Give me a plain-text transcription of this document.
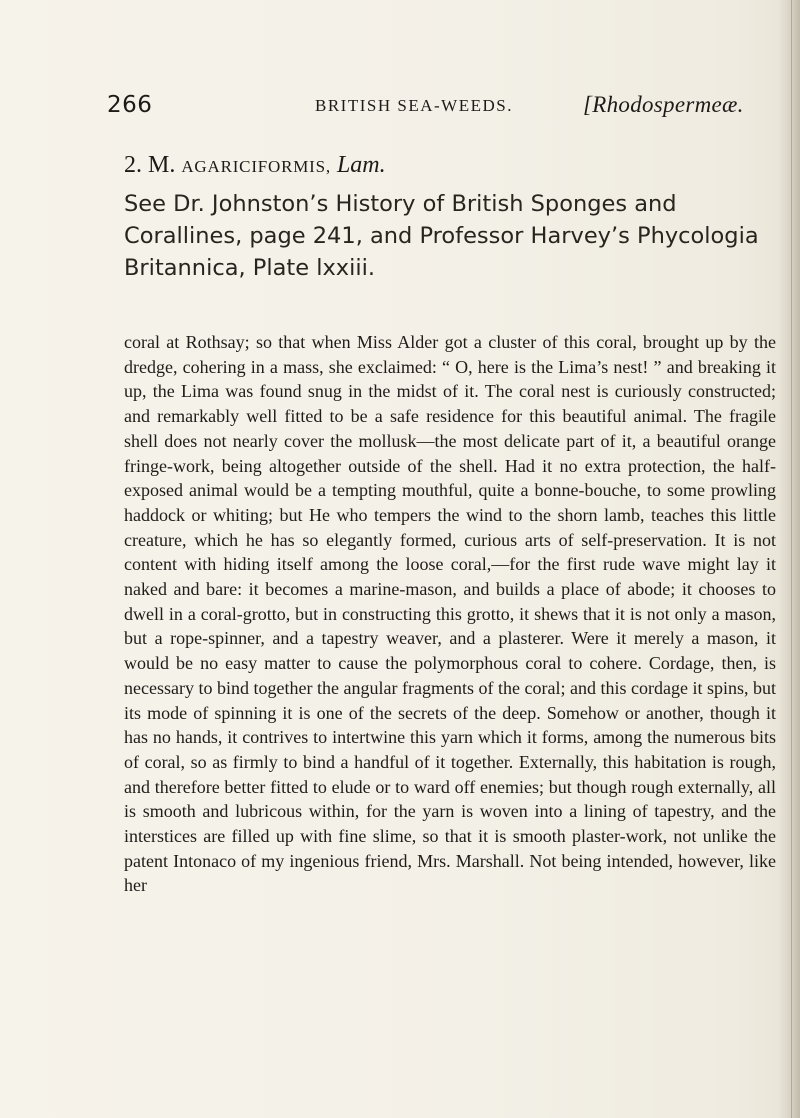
266	BRITISH SEA-WEEDS.	[Rhodospermeæ.
2. M. AGARICIFORMIS, Lam.

See Dr. Johnston’s History of British Sponges and Corallines, page 241, and Professor Harvey’s Phycologia Britannica, Plate lxxiii.

coral at Rothsay; so that when Miss Alder got a cluster of this coral, brought up by the dredge, cohering in a mass, she exclaimed: “ O, here is the Lima’s nest! ” and breaking it up, the Lima was found snug in the midst of it. The coral nest is curiously constructed; and remarkably well fitted to be a safe residence for this beautiful animal. The fragile shell does not nearly cover the mollusk—the most delicate part of it, a beautiful orange fringe-work, being altogether outside of the shell. Had it no extra protection, the half-exposed animal would be a tempting mouthful, quite a bonne-bouche, to some prowling haddock or whiting; but He who tempers the wind to the shorn lamb, teaches this little creature, which he has so elegantly formed, curious arts of self-preservation. It is not content with hiding itself among the loose coral,—for the first rude wave might lay it naked and bare: it becomes a marine-mason, and builds a place of abode; it chooses to dwell in a coral-grotto, but in constructing this grotto, it shews that it is not only a mason, but a rope-spinner, and a tapestry weaver, and a plasterer. Were it merely a mason, it would be no easy matter to cause the polymorphous coral to cohere. Cordage, then, is necessary to bind together the angular fragments of the coral; and this cordage it spins, but its mode of spinning it is one of the secrets of the deep. Somehow or another, though it has no hands, it contrives to intertwine this yarn which it forms, among the numerous bits of coral, so as firmly to bind a handful of it together. Externally, this habitation is rough, and therefore better fitted to elude or to ward off enemies; but though rough externally, all is smooth and lubricous within, for the yarn is woven into a lining of tapestry, and the interstices are filled up with fine slime, so that it is smooth plaster-work, not unlike the patent Intonaco of my ingenious friend, Mrs. Marshall. Not being intended, however, like her
